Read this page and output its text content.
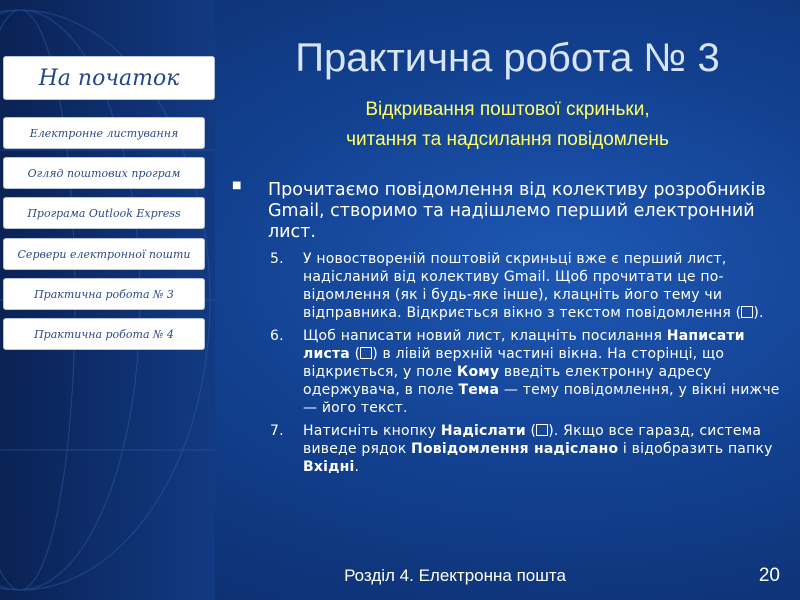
На початок
Електронне листування
Огляд поштових програм
Програма Outlook Express
Сервери електронної пошти
Практична робота № 3
Практична робота № 4
Практична робота № 3
Відкривання поштової скриньки,
читання та надсилання повідомлень
■ Прочитаємо повідомлення від колективу розробників Gmail, створимо та надішлемо перший електронний лист.
5. У новоствореній поштовій скриньці вже є перший лист, надісланий від колективу Gmail. Щоб прочитати це по-відомлення (як і будь-яке інше), клацніть його тему чи відправника. Відкриється вікно з текстом повідомлення ( ).
6. Щоб написати новий лист, клацніть посилання Написати листа ( ) в лівій верхній частині вікна. На сторінці, що відкриється, у поле Кому введіть електронну адресу одержувача, в поле Тема — тему повідомлення, у вікні нижче — його текст.
7. Натисніть кнопку Надіслати ( ). Якщо все гаразд, система виведе рядок Повідомлення надіслано і відобразить папку Вхідні.
Розділ 4. Електронна пошта	20
